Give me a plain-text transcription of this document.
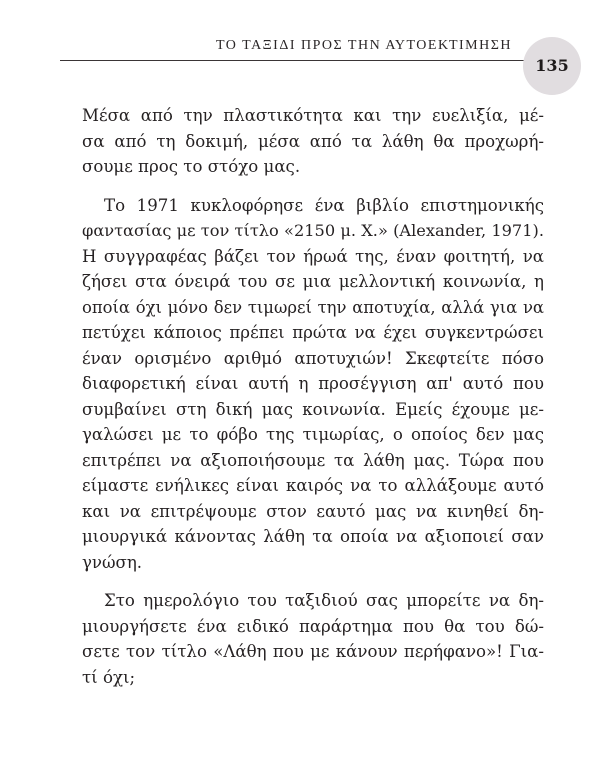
ΤΟ ΤΑΞΙΔΙ ΠΡΟΣ ΤΗΝ ΑΥΤΟΕΚΤΙΜΗΣΗ
135
Μέσα από την πλαστικότητα και την ευελιξία, μέ-
σα από τη δοκιμή, μέσα από τα λάθη θα προχωρή-
σουμε προς το στόχο μας.
Το 1971 κυκλοφόρησε ένα βιβλίο επιστημονικής
φαντασίας με τον τίτλο «2150 μ. Χ.» (Alexander, 1971).
Η συγγραφέας βάζει τον ήρωά της, έναν φοιτητή, να
ζήσει στα όνειρά του σε μια μελλοντική κοινωνία, η
οποία όχι μόνο δεν τιμωρεί την αποτυχία, αλλά για να
πετύχει κάποιος πρέπει πρώτα να έχει συγκεντρώσει
έναν ορισμένο αριθμό αποτυχιών! Σκεφτείτε πόσο
διαφορετική είναι αυτή η προσέγγιση απ' αυτό που
συμβαίνει στη δική μας κοινωνία. Εμείς έχουμε με-
γαλώσει με το φόβο της τιμωρίας, ο οποίος δεν μας
επιτρέπει να αξιοποιήσουμε τα λάθη μας. Τώρα που
είμαστε ενήλικες είναι καιρός να το αλλάξουμε αυτό
και να επιτρέψουμε στον εαυτό μας να κινηθεί δη-
μιουργικά κάνοντας λάθη τα οποία να αξιοποιεί σαν
γνώση.
Στο ημερολόγιο του ταξιδιού σας μπορείτε να δη-
μιουργήσετε ένα ειδικό παράρτημα που θα του δώ-
σετε τον τίτλο «Λάθη που με κάνουν περήφανο»! Για-
τί όχι;
